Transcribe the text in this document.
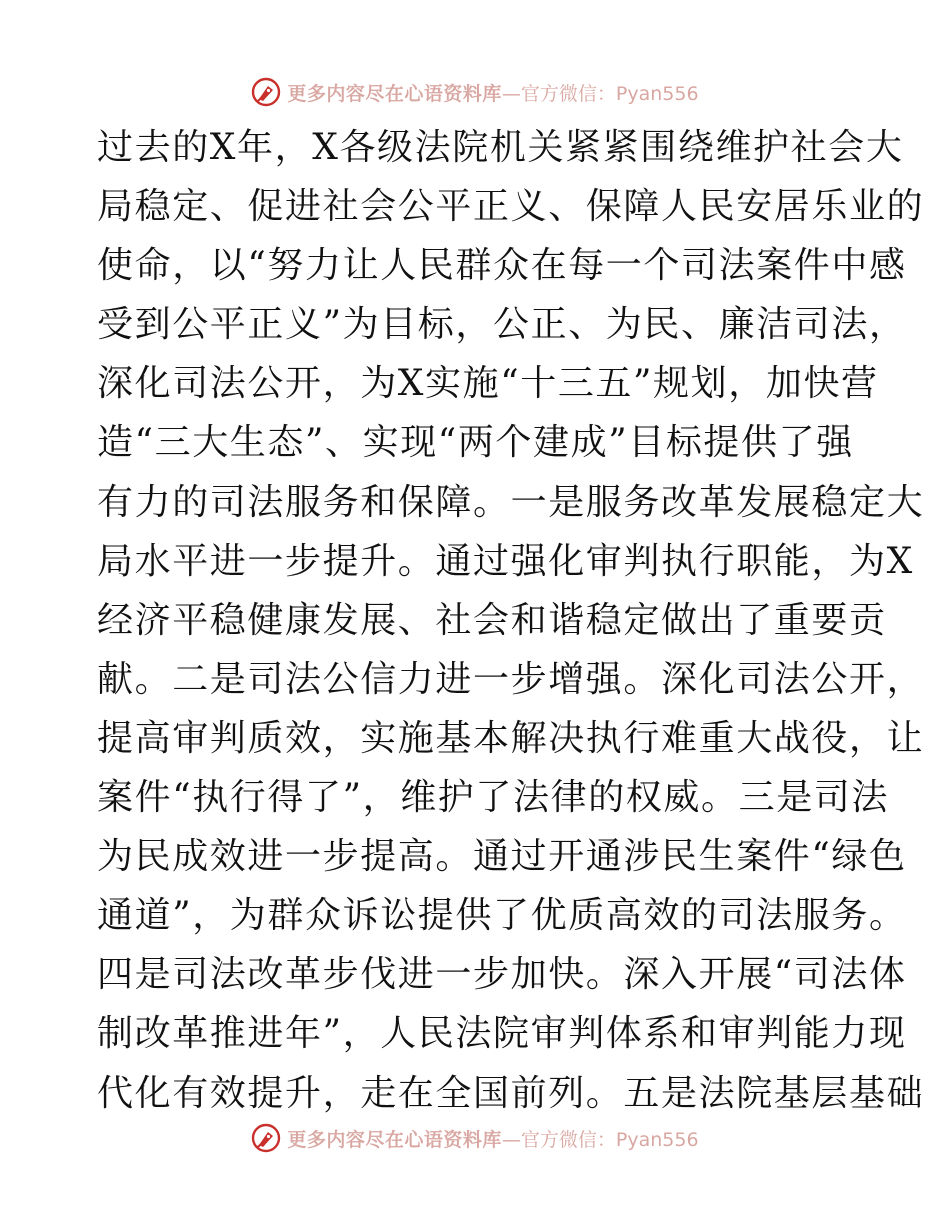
更多内容尽在心语资料库 —官方微信：Pyan556
过去的X年，X各级法院机关紧紧围绕维护社会大
局稳定、促进社会公平正义、保障人民安居乐业的
使命，以“努力让人民群众在每一个司法案件中感
受到公平正义”为目标，公正、为民、廉洁司法，
深化司法公开，为X实施“十三五”规划，加快营
造“三大生态”、实现“两个建成”目标提供了强
有力的司法服务和保障。一是服务改革发展稳定大
局水平进一步提升。通过强化审判执行职能，为X
经济平稳健康发展、社会和谐稳定做出了重要贡
献。二是司法公信力进一步增强。深化司法公开，
提高审判质效，实施基本解决执行难重大战役，让
案件“执行得了”，维护了法律的权威。三是司法
为民成效进一步提高。通过开通涉民生案件“绿色
通道”，为群众诉讼提供了优质高效的司法服务。
四是司法改革步伐进一步加快。深入开展“司法体
制改革推进年”，人民法院审判体系和审判能力现
代化有效提升，走在全国前列。五是法院基层基础
更多内容尽在心语资料库 —官方微信：Pyan556
